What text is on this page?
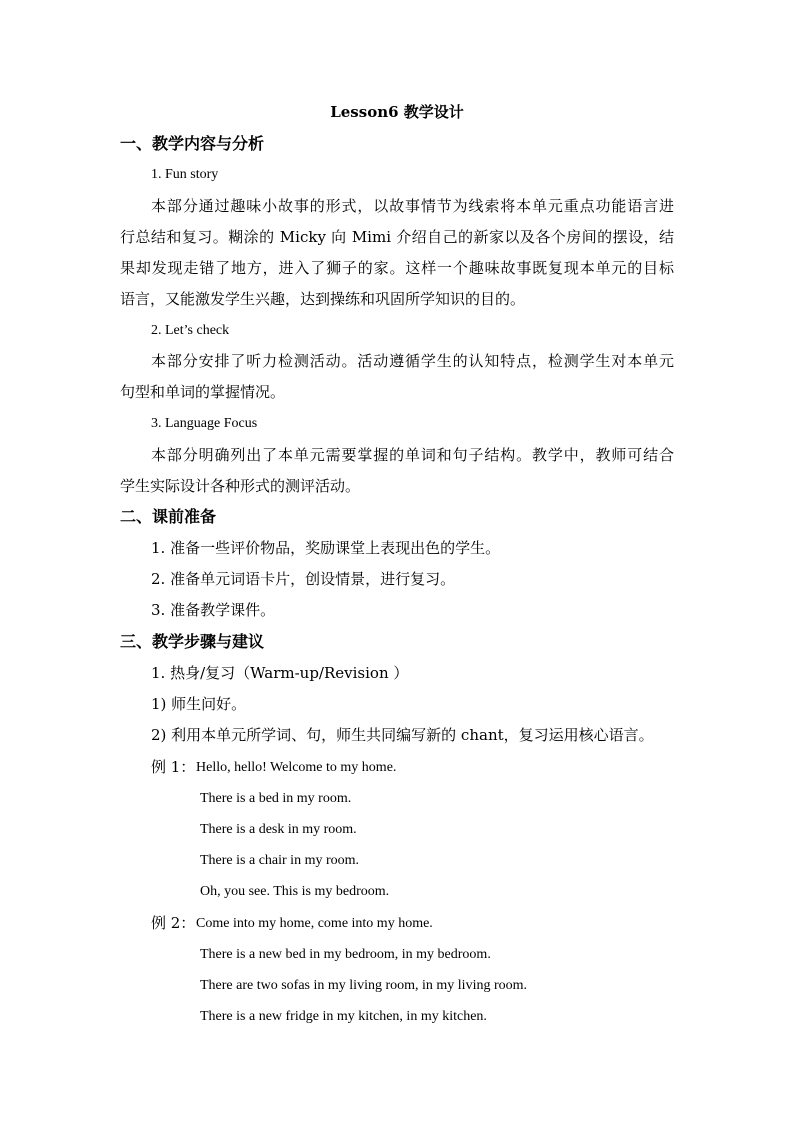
Lesson6 教学设计
一、教学内容与分析
1. Fun story
本部分通过趣味小故事的形式，以故事情节为线索将本单元重点功能语言进
行总结和复习。糊涂的 Micky 向 Mimi 介绍自己的新家以及各个房间的摆设，结
果却发现走错了地方，进入了狮子的家。这样一个趣味故事既复现本单元的目标
语言，又能激发学生兴趣，达到操练和巩固所学知识的目的。
2. Let’s check
本部分安排了听力检测活动。活动遵循学生的认知特点，检测学生对本单元
句型和单词的掌握情况。
3. Language Focus
本部分明确列出了本单元需要掌握的单词和句子结构。教学中，教师可结合
学生实际设计各种形式的测评活动。
二、课前准备
1. 准备一些评价物品，奖励课堂上表现出色的学生。
2. 准备单元词语卡片，创设情景，进行复习。
3. 准备教学课件。
三、教学步骤与建议
1. 热身/复习（Warm-up/Revision ）
1) 师生问好。
2) 利用本单元所学词、句，师生共同编写新的 chant，复习运用核心语言。
例 1： Hello, hello! Welcome to my home.
There is a bed in my room.
There is a desk in my room.
There is a chair in my room.
Oh, you see. This is my bedroom.
例 2： Come into my home, come into my home.
There is a new bed in my bedroom, in my bedroom.
There are two sofas in my living room, in my living room.
There is a new fridge in my kitchen, in my kitchen.
